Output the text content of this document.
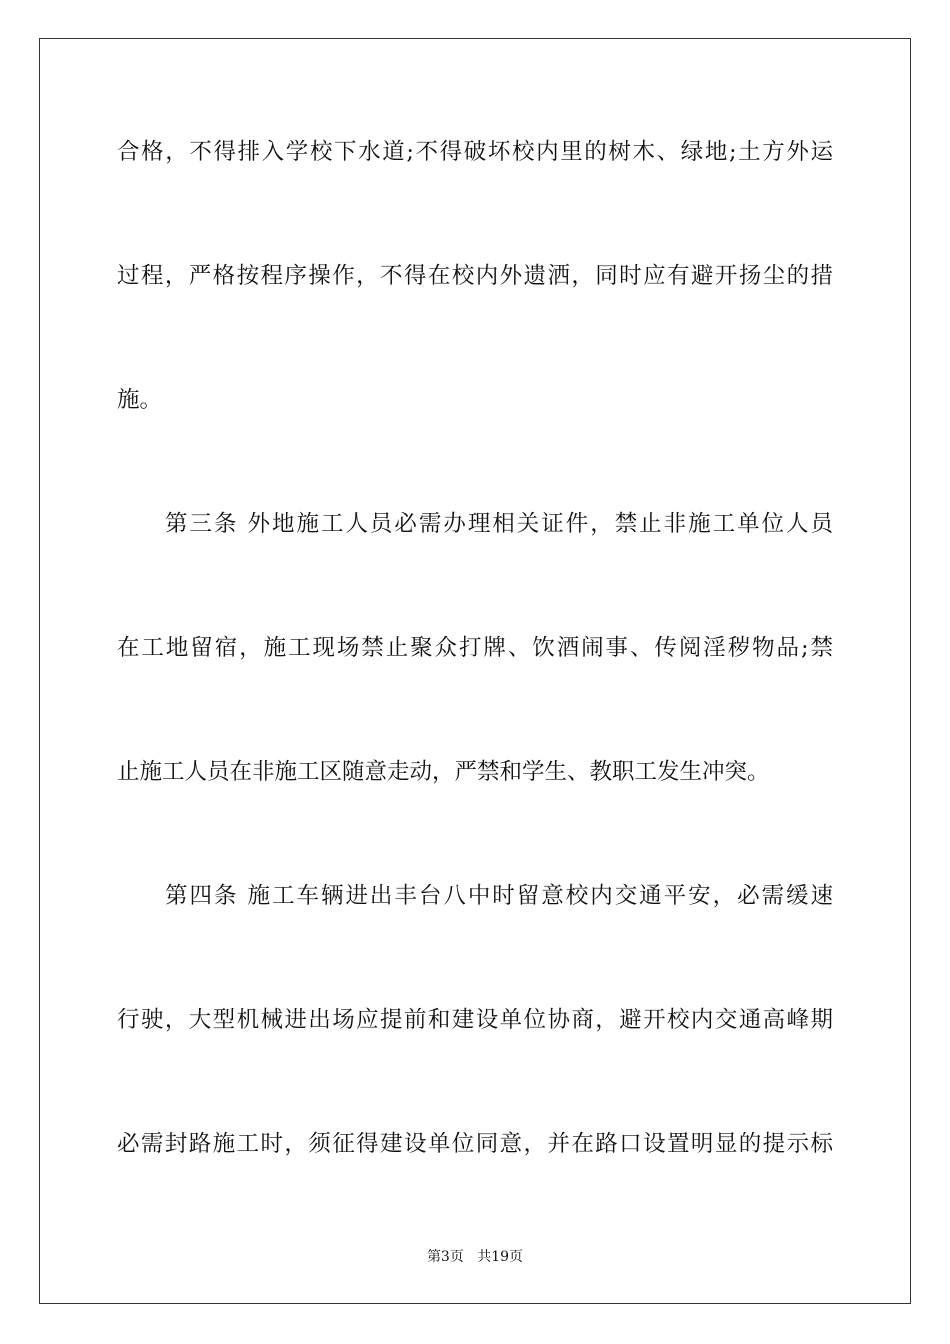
合格，不得排入学校下水道;不得破坏校内里的树木、绿地;土方外运
过程，严格按程序操作，不得在校内外遗洒，同时应有避开扬尘的措
施。
第三条 外地施工人员必需办理相关证件，禁止非施工单位人员
在工地留宿，施工现场禁止聚众打牌、饮酒闹事、传阅淫秽物品;禁
止施工人员在非施工区随意走动，严禁和学生、教职工发生冲突。
第四条 施工车辆进出丰台八中时留意校内交通平安，必需缓速
行驶，大型机械进出场应提前和建设单位协商，避开校内交通高峰期
必需封路施工时，须征得建设单位同意，并在路口设置明显的提示标
第3页 共19页
